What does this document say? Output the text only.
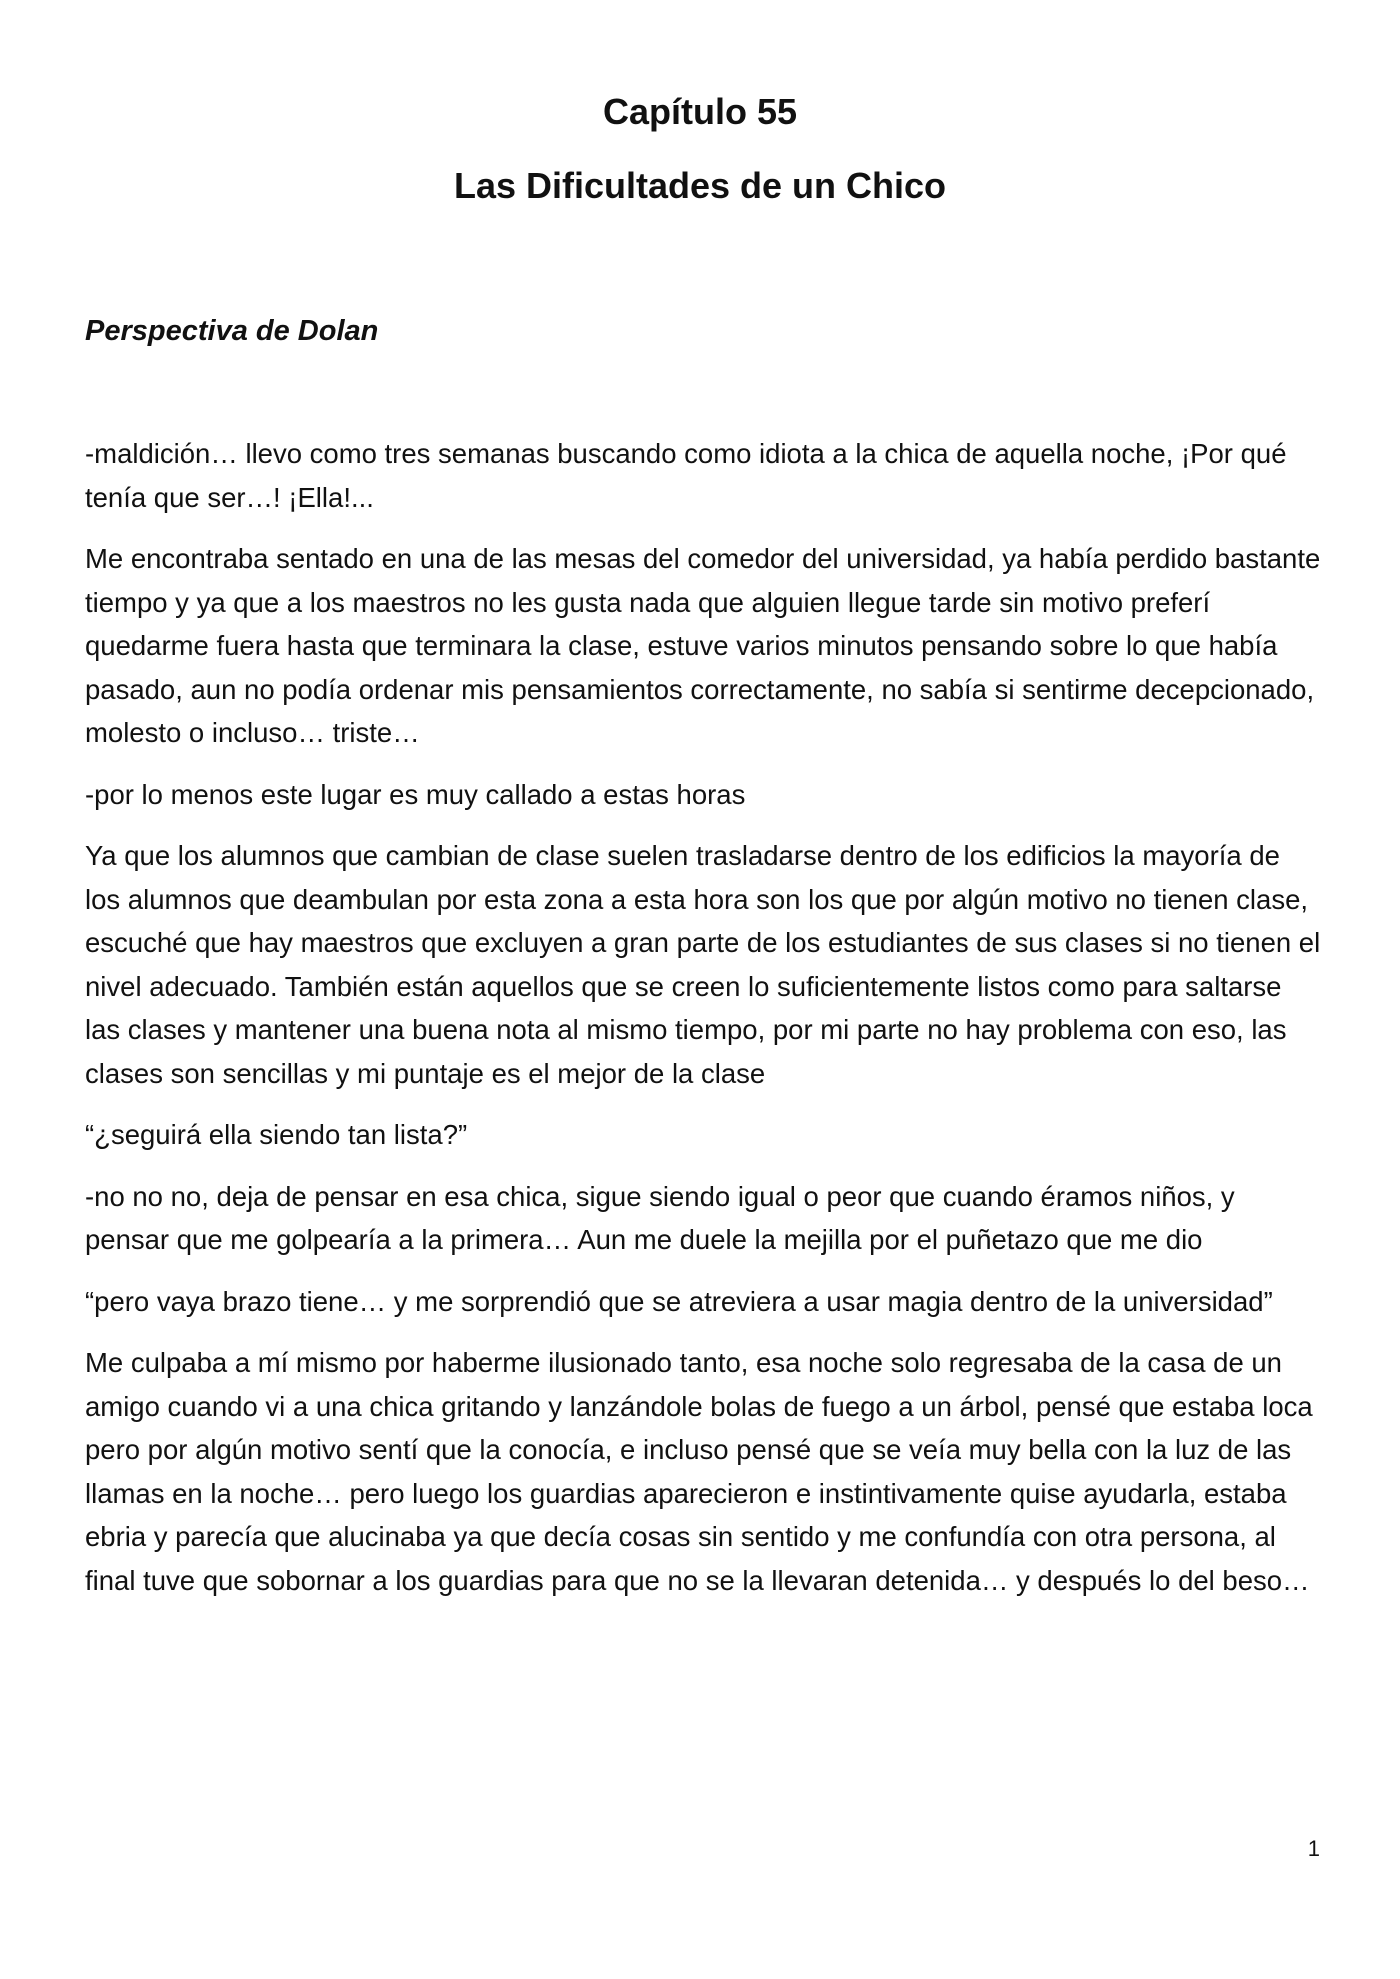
Capítulo 55
Las Dificultades de un Chico

Perspectiva de Dolan

-maldición… llevo como tres semanas buscando como idiota a la chica de aquella noche, ¡Por qué tenía que ser…! ¡Ella!...

Me encontraba sentado en una de las mesas del comedor del universidad, ya había perdido bastante tiempo y ya que a los maestros no les gusta nada que alguien llegue tarde sin motivo preferí quedarme fuera hasta que terminara la clase, estuve varios minutos pensando sobre lo que había pasado, aun no podía ordenar mis pensamientos correctamente, no sabía si sentirme decepcionado, molesto o incluso… triste…

-por lo menos este lugar es muy callado a estas horas

Ya que los alumnos que cambian de clase suelen trasladarse dentro de los edificios la mayoría de los alumnos que deambulan por esta zona a esta hora son los que por algún motivo no tienen clase, escuché que hay maestros que excluyen a gran parte de los estudiantes de sus clases si no tienen el nivel adecuado. También están aquellos que se creen lo suficientemente listos como para saltarse las clases y mantener una buena nota al mismo tiempo, por mi parte no hay problema con eso, las clases son sencillas y mi puntaje es el mejor de la clase

“¿seguirá ella siendo tan lista?”

-no no no, deja de pensar en esa chica, sigue siendo igual o peor que cuando éramos niños, y pensar que me golpearía a la primera… Aun me duele la mejilla por el puñetazo que me dio

“pero vaya brazo tiene… y me sorprendió que se atreviera a usar magia dentro de la universidad”

Me culpaba a mí mismo por haberme ilusionado tanto, esa noche solo regresaba de la casa de un amigo cuando vi a una chica gritando y lanzándole bolas de fuego a un árbol, pensé que estaba loca pero por algún motivo sentí que la conocía, e incluso pensé que se veía muy bella con la luz de las llamas en la noche… pero luego los guardias aparecieron e instintivamente quise ayudarla, estaba ebria y parecía que alucinaba ya que decía cosas sin sentido y me confundía con otra persona, al final tuve que sobornar a los guardias para que no se la llevaran detenida… y después lo del beso…

1
